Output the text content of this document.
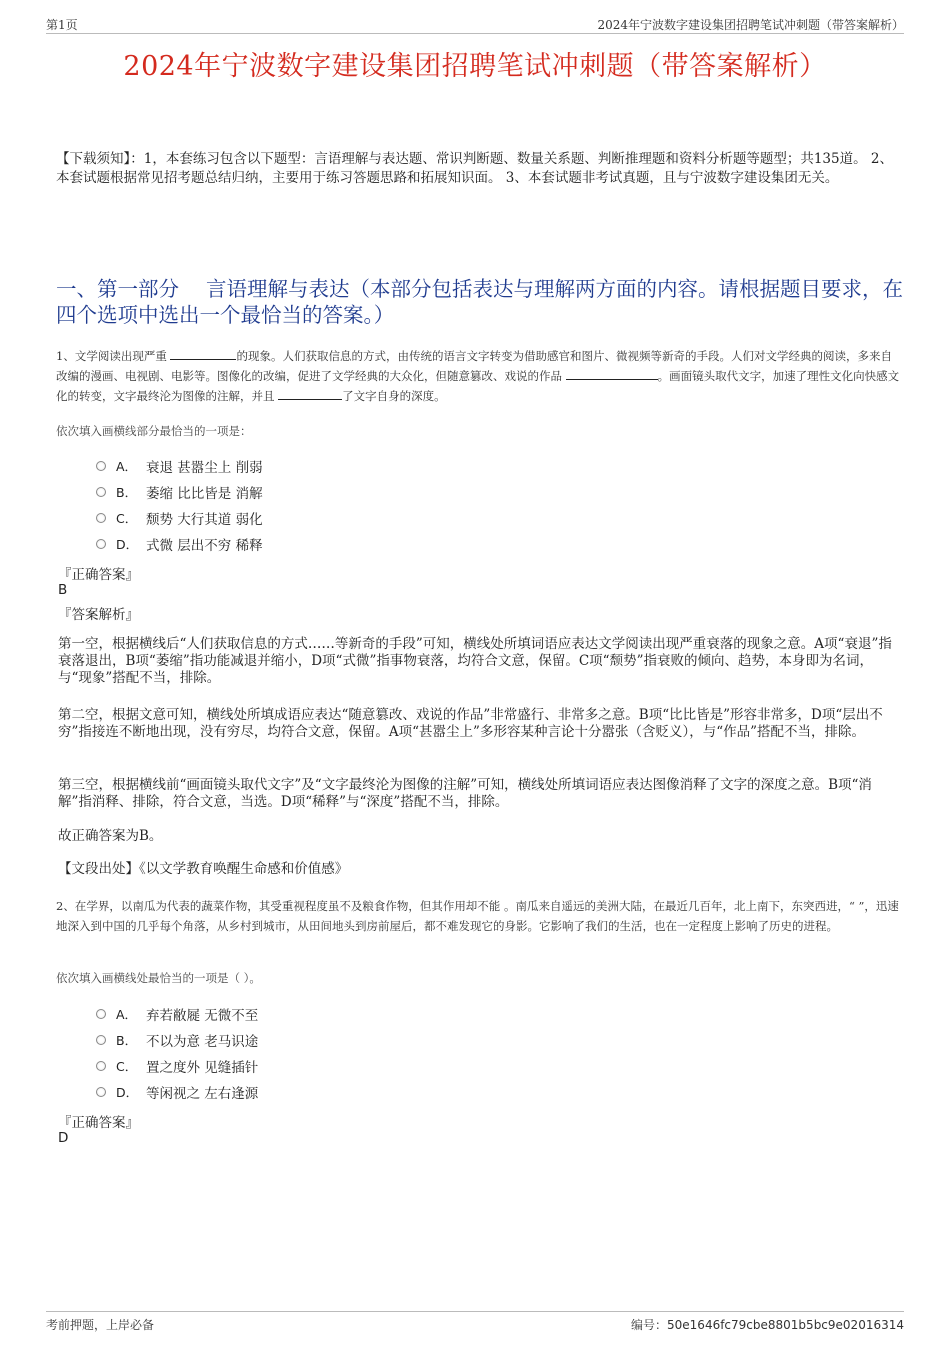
第1页	2024年宁波数字建设集团招聘笔试冲刺题（带答案解析）
2024年宁波数字建设集团招聘笔试冲刺题（带答案解析）
【下载须知】：1，本套练习包含以下题型：言语理解与表达题、常识判断题、数量关系题、判断推理题和资料分析题等题型；共135道。 2、本套试题根据常见招考题总结归纳，主要用于练习答题思路和拓展知识面。 3、本套试题非考试真题，且与宁波数字建设集团无关。
一、第一部分　 言语理解与表达（本部分包括表达与理解两方面的内容。请根据题目要求，在四个选项中选出一个最恰当的答案。）
1、文学阅读出现严重	的现象。人们获取信息的方式，由传统的语言文字转变为借助感官和图片、微视频等新奇的手段。人们对文学经典的阅读，多来自改编的漫画、电视剧、电影等。图像化的改编，促进了文学经典的大众化，但随意篡改、戏说的作品	。画面镜头取代文字，加速了理性文化向快感文化的转变，文字最终沦为图像的注解，并且	了文字自身的深度。
依次填入画横线部分最恰当的一项是：
A． 衰退 甚嚣尘上 削弱
B． 萎缩 比比皆是 消解
C． 颓势 大行其道 弱化
D． 式微 层出不穷 稀释
『正确答案』
B
『答案解析』
第一空，根据横线后“人们获取信息的方式……等新奇的手段”可知，横线处所填词语应表达文学阅读出现严重衰落的现象之意。A项“衰退”指衰落退出，B项“萎缩”指功能减退并缩小，D项“式微”指事物衰落，均符合文意，保留。C项“颓势”指衰败的倾向、趋势，本身即为名词，与“现象”搭配不当，排除。
第二空，根据文意可知，横线处所填成语应表达“随意篡改、戏说的作品”非常盛行、非常多之意。B项“比比皆是”形容非常多，D项“层出不穷”指接连不断地出现，没有穷尽，均符合文意，保留。A项“甚嚣尘上”多形容某种言论十分嚣张（含贬义），与“作品”搭配不当，排除。
第三空，根据横线前“画面镜头取代文字”及“文字最终沦为图像的注解”可知，横线处所填词语应表达图像消释了文字的深度之意。B项“消解”指消释、排除，符合文意，当选。D项“稀释”与“深度”搭配不当，排除。
故正确答案为B。
【文段出处】《以文学教育唤醒生命感和价值感》
2、在学界，以南瓜为代表的蔬菜作物，其受重视程度虽不及粮食作物，但其作用却不能 。南瓜来自遥远的美洲大陆，在最近几百年，北上南下，东突西进，“ ”，迅速地深入到中国的几乎每个角落，从乡村到城市，从田间地头到房前屋后，都不难发现它的身影。它影响了我们的生活，也在一定程度上影响了历史的进程。
依次填入画横线处最恰当的一项是（ ）。
A． 弃若敝屣 无微不至
B． 不以为意 老马识途
C． 置之度外 见缝插针
D． 等闲视之 左右逢源
『正确答案』
D
考前押题，上岸必备	编号：50e1646fc79cbe8801b5bc9e02016314
